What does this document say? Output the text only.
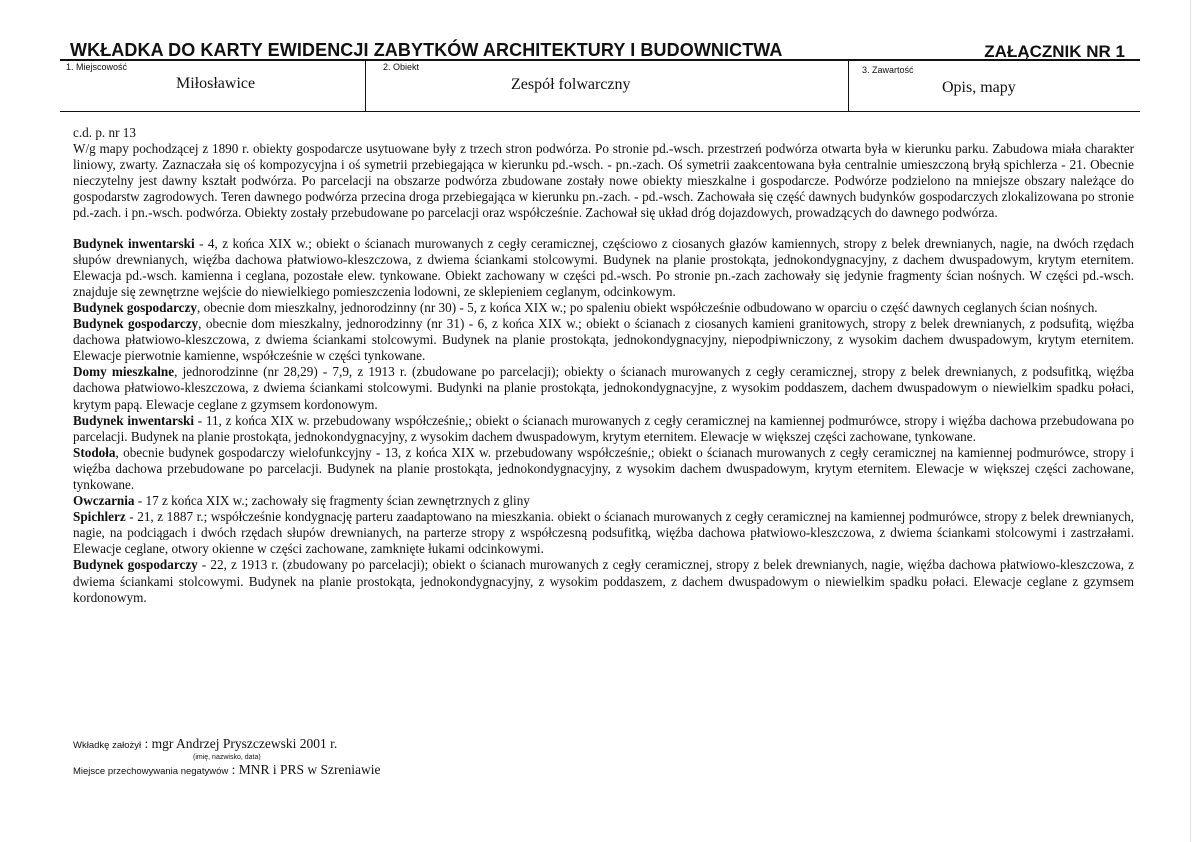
WKŁADKA DO KARTY EWIDENCJI ZABYTKÓW ARCHITEKTURY I BUDOWNICTWA	ZAŁĄCZNIK NR 1
1. Miejscowość
Miłosławice
2. Obiekt
Zespół folwarczny
3. Zawartość
Opis, mapy

c.d. p. nr 13

W/g mapy pochodzącej z 1890 r. obiekty gospodarcze usytuowane były z trzech stron podwórza. Po stronie pd.-wsch. przestrzeń podwórza otwarta była w kierunku parku. Zabudowa miała charakter liniowy, zwarty. Zaznaczała się oś kompozycyjna i oś symetrii przebiegająca w kierunku pd.-wsch. - pn.-zach. Oś symetrii zaakcentowana była centralnie umieszczoną bryłą spichlerza - 21. Obecnie nieczytelny jest dawny kształt podwórza. Po parcelacji na obszarze podwórza zbudowane zostały nowe obiekty mieszkalne i gospodarcze. Podwórze podzielono na mniejsze obszary należące do gospodarstw zagrodowych. Teren dawnego podwórza przecina droga przebiegająca w kierunku pn.-zach. - pd.-wsch. Zachowała się część dawnych budynków gospodarczych zlokalizowana po stronie pd.-zach. i pn.-wsch. podwórza. Obiekty zostały przebudowane po parcelacji oraz współcześnie. Zachował się układ dróg dojazdowych, prowadzących do dawnego podwórza.

Budynek inwentarski - 4, z końca XIX w.; obiekt o ścianach murowanych z cegły ceramicznej, częściowo z ciosanych głazów kamiennych, stropy z belek drewnianych, nagie, na dwóch rzędach słupów drewnianych, więźba dachowa płatwiowo-kleszczowa, z dwiema ściankami stolcowymi. Budynek na planie prostokąta, jednokondygnacyjny, z dachem dwuspadowym, krytym eternitem. Elewacja pd.-wsch. kamienna i ceglana, pozostałe elew. tynkowane. Obiekt zachowany w części pd.-wsch. Po stronie pn.-zach zachowały się jedynie fragmenty ścian nośnych. W części pd.-wsch. znajduje się zewnętrzne wejście do niewielkiego pomieszczenia lodowni, ze sklepieniem ceglanym, odcinkowym.

Budynek gospodarczy, obecnie dom mieszkalny, jednorodzinny (nr 30) - 5, z końca XIX w.; po spaleniu obiekt współcześnie odbudowano w oparciu o część dawnych ceglanych ścian nośnych.

Budynek gospodarczy, obecnie dom mieszkalny, jednorodzinny (nr 31) - 6, z końca XIX w.; obiekt o ścianach z ciosanych kamieni granitowych, stropy z belek drewnianych, z podsufitą, więźba dachowa płatwiowo-kleszczowa, z dwiema ściankami stolcowymi. Budynek na planie prostokąta, jednokondygnacyjny, niepodpiwniczony, z wysokim dachem dwuspadowym, krytym eternitem. Elewacje pierwotnie kamienne, współcześnie w części tynkowane.

Domy mieszkalne, jednorodzinne (nr 28,29) - 7,9, z 1913 r. (zbudowane po parcelacji); obiekty o ścianach murowanych z cegły ceramicznej, stropy z belek drewnianych, z podsufitką, więźba dachowa płatwiowo-kleszczowa, z dwiema ściankami stolcowymi. Budynki na planie prostokąta, jednokondygnacyjne, z wysokim poddaszem, dachem dwuspadowym o niewielkim spadku połaci, krytym papą. Elewacje ceglane z gzymsem kordonowym.

Budynek inwentarski - 11, z końca XIX w. przebudowany współcześnie,; obiekt o ścianach murowanych z cegły ceramicznej na kamiennej podmurówce, stropy i więźba dachowa przebudowana po parcelacji. Budynek na planie prostokąta, jednokondygnacyjny, z wysokim dachem dwuspadowym, krytym eternitem. Elewacje w większej części zachowane, tynkowane.

Stodoła, obecnie budynek gospodarczy wielofunkcyjny - 13, z końca XIX w. przebudowany współcześnie,; obiekt o ścianach murowanych z cegły ceramicznej na kamiennej podmurówce, stropy i więźba dachowa przebudowane po parcelacji. Budynek na planie prostokąta, jednokondygnacyjny, z wysokim dachem dwuspadowym, krytym eternitem. Elewacje w większej części zachowane, tynkowane.

Owczarnia - 17 z końca XIX w.; zachowały się fragmenty ścian zewnętrznych z gliny

Spichlerz - 21, z 1887 r.; współcześnie kondygnację parteru zaadaptowano na mieszkania. obiekt o ścianach murowanych z cegły ceramicznej na kamiennej podmurówce, stropy z belek drewnianych, nagie, na podciągach i dwóch rzędach słupów drewnianych, na parterze stropy z współczesną podsufitką, więźba dachowa płatwiowo-kleszczowa, z dwiema ściankami stolcowymi i zastrzałami. Elewacje ceglane, otwory okienne w części zachowane, zamknięte łukami odcinkowymi.

Budynek gospodarczy - 22, z 1913 r. (zbudowany po parcelacji); obiekt o ścianach murowanych z cegły ceramicznej, stropy z belek drewnianych, nagie, więźba dachowa płatwiowo-kleszczowa, z dwiema ściankami stolcowymi. Budynek na planie prostokąta, jednokondygnacyjny, z wysokim poddaszem, z dachem dwuspadowym o niewielkim spadku połaci. Elewacje ceglane z gzymsem kordonowym.

Wkładkę założył : mgr Andrzej Pryszczewski 2001 r.
(imię, nazwisko, data)
Miejsce przechowywania negatywów : MNR i PRS w Szreniawie
